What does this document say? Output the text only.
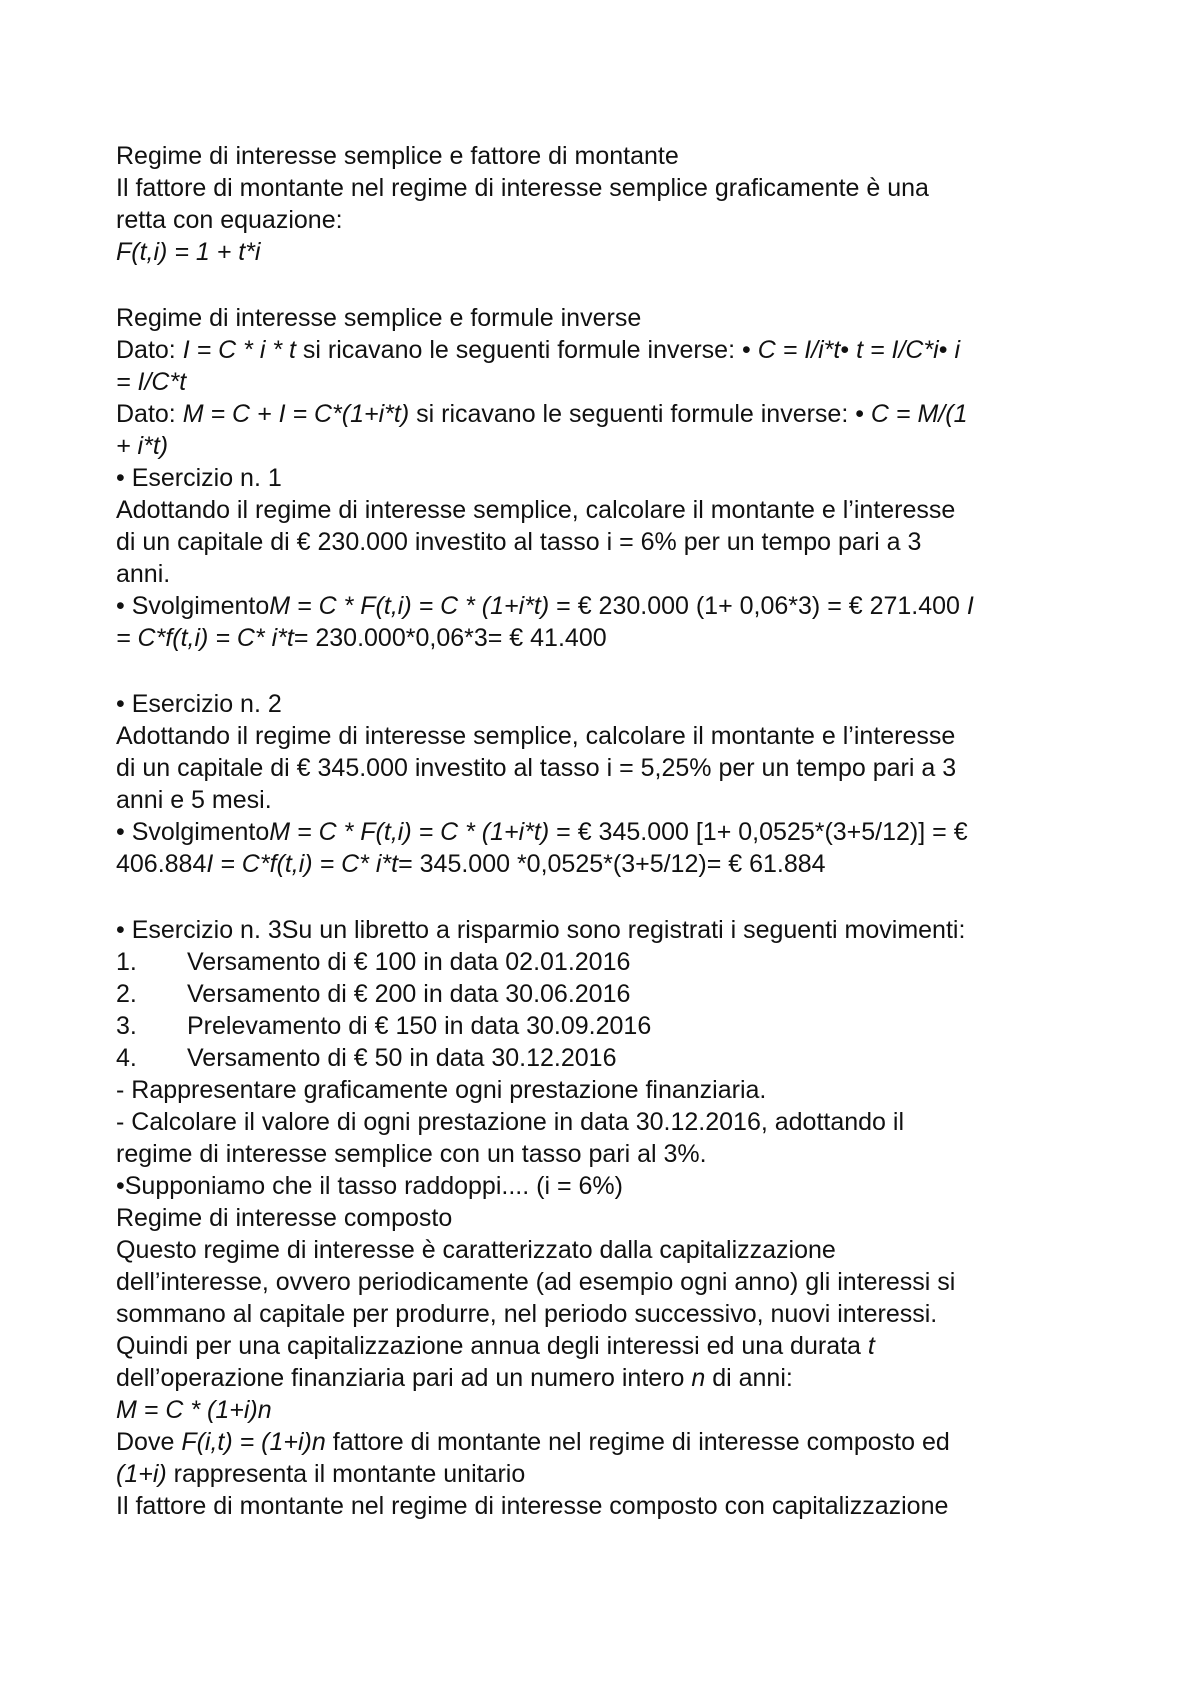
Regime di interesse semplice e fattore di montante
Il fattore di montante nel regime di interesse semplice graficamente è una
retta con equazione:
F(t,i) = 1 + t*i
Regime di interesse semplice e formule inverse
Dato: I = C * i * t si ricavano le seguenti formule inverse: • C = I/i*t• t = I/C*i• i
= I/C*t
Dato: M = C + I = C*(1+i*t) si ricavano le seguenti formule inverse: • C = M/(1
+ i*t)
• Esercizio n. 1
Adottando il regime di interesse semplice, calcolare il montante e l’interesse
di un capitale di € 230.000 investito al tasso i = 6% per un tempo pari a 3
anni.
• SvolgimentoM = C * F(t,i) = C * (1+i*t) = € 230.000 (1+ 0,06*3) = € 271.400 I
= C*f(t,i) = C* i*t= 230.000*0,06*3= € 41.400
• Esercizio n. 2
Adottando il regime di interesse semplice, calcolare il montante e l’interesse
di un capitale di € 345.000 investito al tasso i = 5,25% per un tempo pari a 3
anni e 5 mesi.
• SvolgimentoM = C * F(t,i) = C * (1+i*t) = € 345.000 [1+ 0,0525*(3+5/12)] = €
406.884I = C*f(t,i) = C* i*t= 345.000 *0,0525*(3+5/12)= € 61.884
• Esercizio n. 3Su un libretto a risparmio sono registrati i seguenti movimenti:
1. Versamento di € 100 in data 02.01.2016
2. Versamento di € 200 in data 30.06.2016
3. Prelevamento di € 150 in data 30.09.2016
4. Versamento di € 50 in data 30.12.2016
- Rappresentare graficamente ogni prestazione finanziaria.
- Calcolare il valore di ogni prestazione in data 30.12.2016, adottando il
regime di interesse semplice con un tasso pari al 3%.
•Supponiamo che il tasso raddoppi.... (i = 6%)
Regime di interesse composto
Questo regime di interesse è caratterizzato dalla capitalizzazione
dell’interesse, ovvero periodicamente (ad esempio ogni anno) gli interessi si
sommano al capitale per produrre, nel periodo successivo, nuovi interessi.
Quindi per una capitalizzazione annua degli interessi ed una durata t
dell’operazione finanziaria pari ad un numero intero n di anni:
M = C * (1+i)n
Dove F(i,t) = (1+i)n fattore di montante nel regime di interesse composto ed
(1+i) rappresenta il montante unitario
Il fattore di montante nel regime di interesse composto con capitalizzazione
